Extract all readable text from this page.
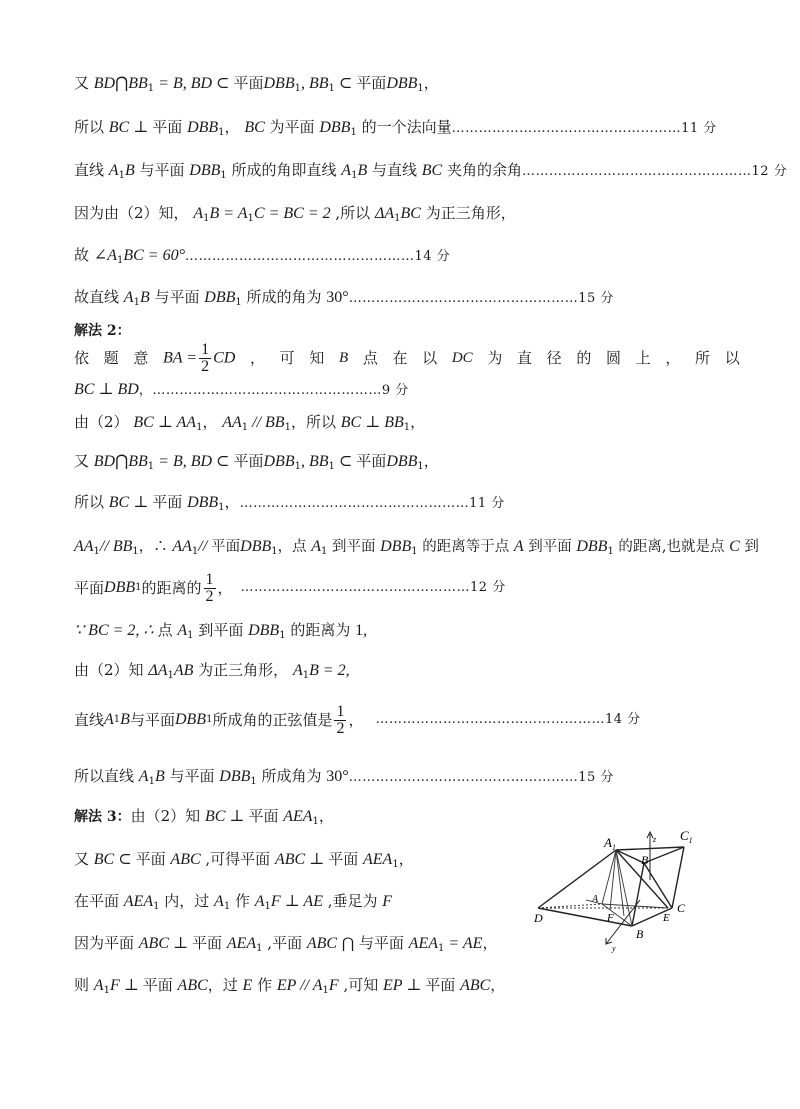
又 $BD⋂BB_1 = B$, BD ⊂ 平面$DBB_1$, $BB_1$ ⊂ 平面$DBB_1$，
所以 BC ⊥ 平面 $DBB_1$， BC 为平面 $DBB_1$ 的一个法向量……………………………………………11 分
直线 $A_1B$ 与平面 $DBB_1$ 所成的角即直线 $A_1B$ 与直线 BC 夹角的余角……………………………………………12 分
因为由（2）知， $A_1B = A_1C$ = BC = 2 ,所以 $\Delta A_1BC$ 为正三角形，
故 $\angle A_1BC$ = 60°……………………………………………14 分
故直线 $A_1B$ 与平面 $DBB_1$ 所成的角为 30°……………………………………………15 分
解法 2：
依 题 意 BA = $\frac{1}{2}$ CD ， 可 知 B 点 在 以 DC 为 直 径 的 圆 上 ， 所 以
BC ⊥ BD，……………………………………………9 分
由（2） BC ⊥ $AA_1$， $AA_1 // BB_1$，所以 BC ⊥ $BB_1$，
又 $BD⋂BB_1 = B$, BD ⊂ 平面$DBB_1$, $BB_1$ ⊂ 平面$DBB_1$，
所以 BC ⊥ 平面 $DBB_1$，……………………………………………11 分
$AA_1//$ $BB_1$，∴ $AA_1//$ 平面$DBB_1$，点 $A_1$ 到平面 $DBB_1$ 的距离等于点 A 到平面 $DBB_1$ 的距离,也就是点 C 到
平面 DBB 1 的距离的 $\frac{1}{2}$ ， ……………………………………………12 分
∵ BC = 2, ∴ 点 $A_1$ 到平面 $DBB_1$ 的距离为 1,
由（2）知 $\Delta A_1AB$ 为正三角形， $A_1B = 2$,
直线 A 1 B 与平面 DBB 1 所成角的正弦值是 $\frac{1}{2}$ ， ……………………………………………14 分
所以直线 $A_1B$ 与平面 $DBB_1$ 所成角为 30°……………………………………………15 分
解法 3：由（2）知 BC ⊥ 平面 $AEA_1$，
又 BC ⊂ 平面 ABC ,可得平面 ABC ⊥ 平面 $AEA_1$，
在平面 $AEA_1$ 内，过 $A_1$ 作 $A_1F$ ⊥ AE ,垂足为 F
因为平面 ABC ⊥ 平面 $AEA_1$ ,平面 ABC ⋂ 与平面 $AEA_1$ = AE，
则 $A_1F$ ⊥ 平面 ABC，过 E 作 EP // $A_1F$ ,可知 EP ⊥ 平面 ABC，
$A_1$
$C_1$
B
C
D	F	E
B
A
z
y
